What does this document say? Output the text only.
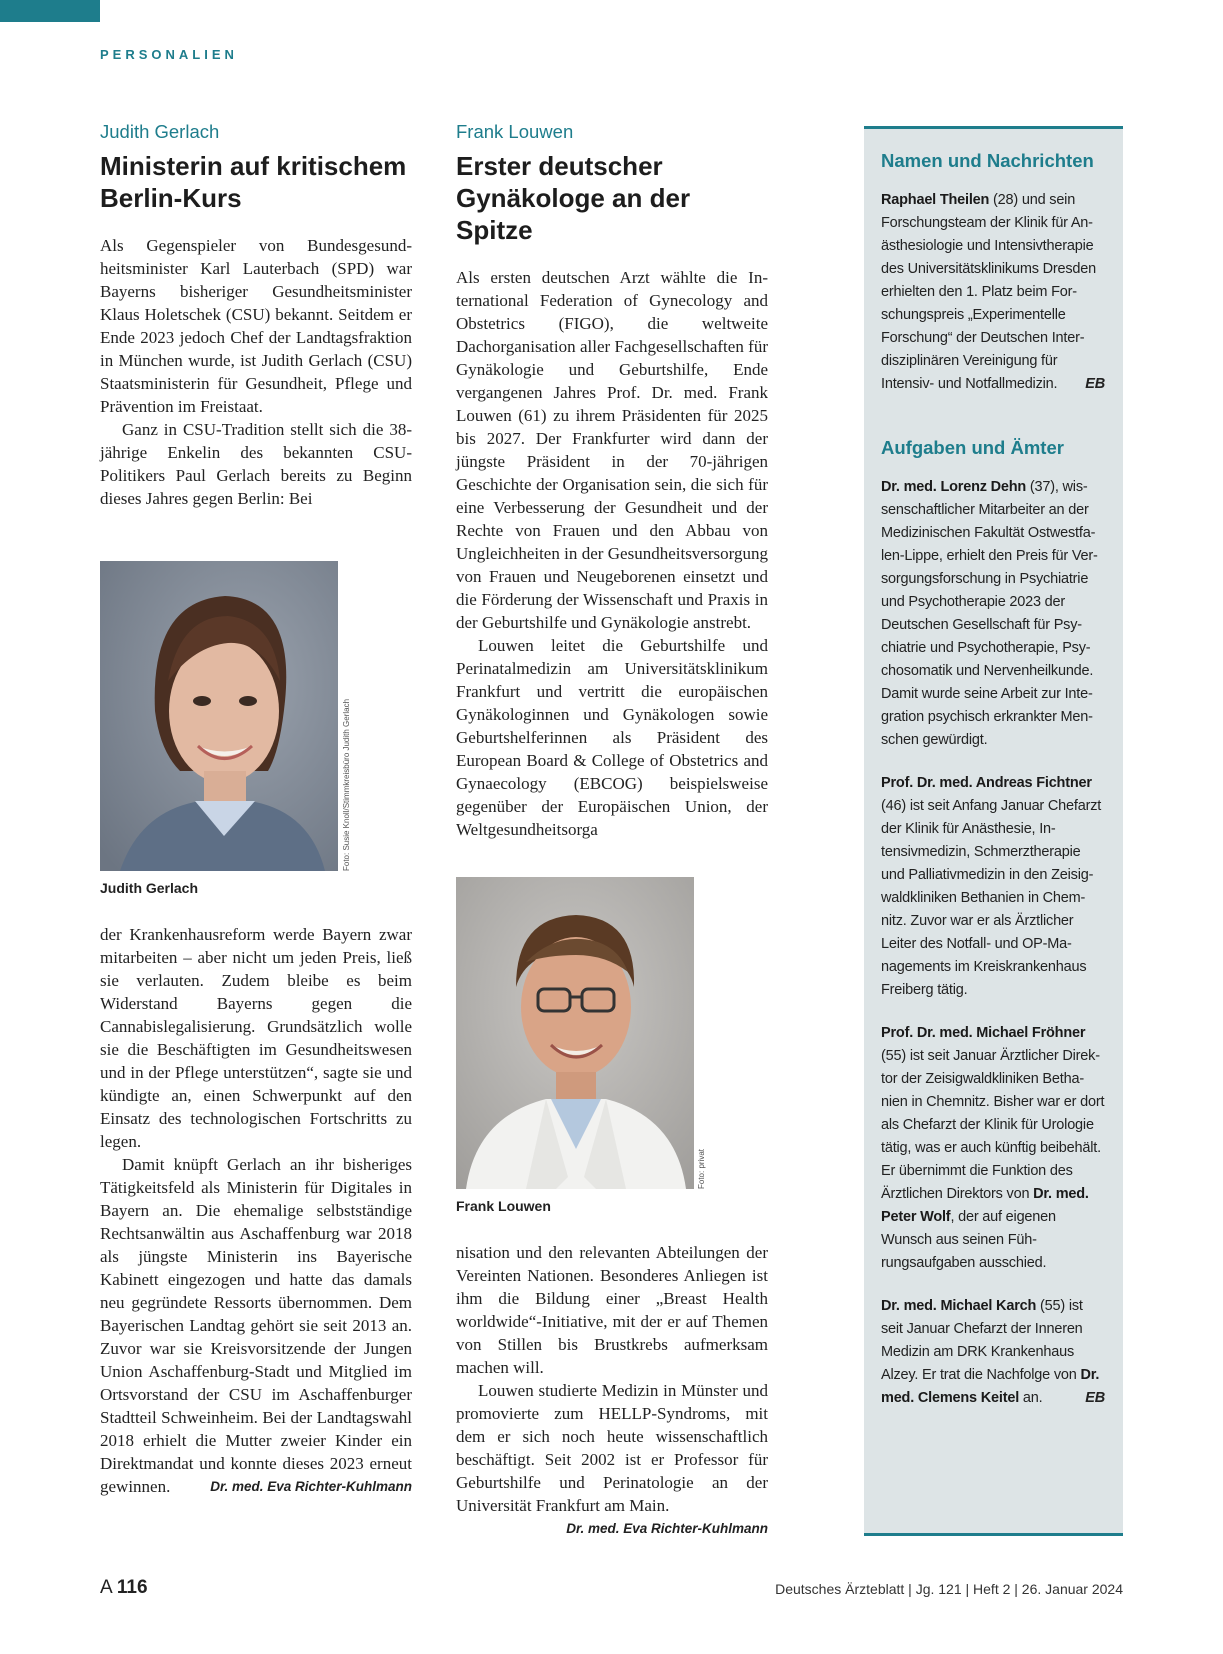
PERSONALIEN
Judith Gerlach
Ministerin auf kritischem Berlin-Kurs

Als Gegenspieler von Bundesgesundheitsminister Karl Lauterbach (SPD) war Bayerns bisheriger Gesundheitsminister Klaus Holetschek (CSU) bekannt. Seitdem er Ende 2023 jedoch Chef der Landtagsfraktion in München wurde, ist Judith Gerlach (CSU) Staatsministerin für Gesundheit, Pflege und Prävention im Freistaat.

Ganz in CSU-Tradition stellt sich die 38-jährige Enkelin des bekannten CSU-Politikers Paul Gerlach bereits zu Beginn dieses Jahres gegen Berlin: Bei

Foto: Susie Knoll/Stimmkreisbüro Judith Gerlach
Judith Gerlach

der Krankenhausreform werde Bayern zwar mitarbeiten – aber nicht um jeden Preis, ließ sie verlauten. Zudem bleibe es beim Widerstand Bayerns gegen die Cannabislegalisierung. Grundsätzlich wolle sie die Beschäftigten im Gesundheitswesen und in der Pflege unterstützen“, sagte sie und kündigte an, einen Schwerpunkt auf den Einsatz des technologischen Fortschritts zu legen.

Damit knüpft Gerlach an ihr bisheriges Tätigkeitsfeld als Ministerin für Digitales in Bayern an. Die ehemalige selbstständige Rechtsanwältin aus Aschaffenburg war 2018 als jüngste Ministerin ins Bayerische Kabinett eingezogen und hatte das damals neu gegründete Ressorts übernommen. Dem Bayerischen Landtag gehört sie seit 2013 an. Zuvor war sie Kreisvorsitzende der Jungen Union Aschaffenburg-Stadt und Mitglied im Ortsvorstand der CSU im Aschaffenburger Stadtteil Schweinheim. Bei der Landtagswahl 2018 erhielt die Mutter zweier Kinder ein Direktmandat und konnte dieses 2023 erneut gewinnen.	Dr. med. Eva Richter-Kuhlmann

Frank Louwen
Erster deutscher Gynäkologe an der Spitze

Als ersten deutschen Arzt wählte die International Federation of Gynecology and Obstetrics (FIGO), die weltweite Dachorganisation aller Fachgesellschaften für Gynäkologie und Geburtshilfe, Ende vergangenen Jahres Prof. Dr. med. Frank Louwen (61) zu ihrem Präsidenten für 2025 bis 2027. Der Frankfurter wird dann der jüngste Präsident in der 70-jährigen Geschichte der Organisation sein, die sich für eine Verbesserung der Gesundheit und der Rechte von Frauen und den Abbau von Ungleichheiten in der Gesundheitsversorgung von Frauen und Neugeborenen einsetzt und die Förderung der Wissenschaft und Praxis in der Geburtshilfe und Gynäkologie anstrebt.

Louwen leitet die Geburtshilfe und Perinatalmedizin am Universitätsklinikum Frankfurt und vertritt die europäischen Gynäkologinnen und Gynäkologen sowie Geburtshelferinnen als Präsident des European Board & College of Obstetrics and Gynaecology (EBCOG) beispielsweise gegenüber der Europäischen Union, der Weltgesundheitsorga

Foto: privat
Frank Louwen

nisation und den relevanten Abteilungen der Vereinten Nationen. Besonderes Anliegen ist ihm die Bildung einer „Breast Health worldwide“-Initiative, mit der er auf Themen von Stillen bis Brustkrebs aufmerksam machen will.

Louwen studierte Medizin in Münster und promovierte zum HELLP-Syndroms, mit dem er sich noch heute wissenschaftlich beschäftigt. Seit 2002 ist er Professor für Geburtshilfe und Perinatologie an der Universität Frankfurt am Main.
Dr. med. Eva Richter-Kuhlmann

Namen und Nachrichten

Raphael Theilen (28) und sein Forschungsteam der Klinik für Anästhesiologie und Intensivtherapie des Universitätsklinikums Dresden erhielten den 1. Platz beim Forschungspreis „Experimentelle Forschung“ der Deutschen Interdisziplinären Vereinigung für Intensiv- und Notfallmedizin. EB

Aufgaben und Ämter

Dr. med. Lorenz Dehn (37), wissenschaftlicher Mitarbeiter an der Medizinischen Fakultät Ostwestfalen-Lippe, erhielt den Preis für Versorgungsforschung in Psychiatrie und Psychotherapie 2023 der Deutschen Gesellschaft für Psychiatrie und Psychotherapie, Psychosomatik und Nervenheilkunde. Damit wurde seine Arbeit zur Integration psychisch erkrankter Menschen gewürdigt.

Prof. Dr. med. Andreas Fichtner (46) ist seit Anfang Januar Chefarzt der Klinik für Anästhesie, Intensivmedizin, Schmerztherapie und Palliativmedizin in den Zeisigwaldkliniken Bethanien in Chemnitz. Zuvor war er als Ärztlicher Leiter des Notfall- und OP-Managements im Kreiskrankenhaus Freiberg tätig.

Prof. Dr. med. Michael Fröhner (55) ist seit Januar Ärztlicher Direktor der Zeisigwaldkliniken Bethanien in Chemnitz. Bisher war er dort als Chefarzt der Klinik für Urologie tätig, was er auch künftig beibehält. Er übernimmt die Funktion des Ärztlichen Direktors von Dr. med. Peter Wolf, der auf eigenen Wunsch aus seinen Führungsaufgaben ausschied.

Dr. med. Michael Karch (55) ist seit Januar Chefarzt der Inneren Medizin am DRK Krankenhaus Alzey. Er trat die Nachfolge von Dr. med. Clemens Keitel an.	EB

A 116	Deutsches Ärzteblatt | Jg. 121 | Heft 2 | 26. Januar 2024
